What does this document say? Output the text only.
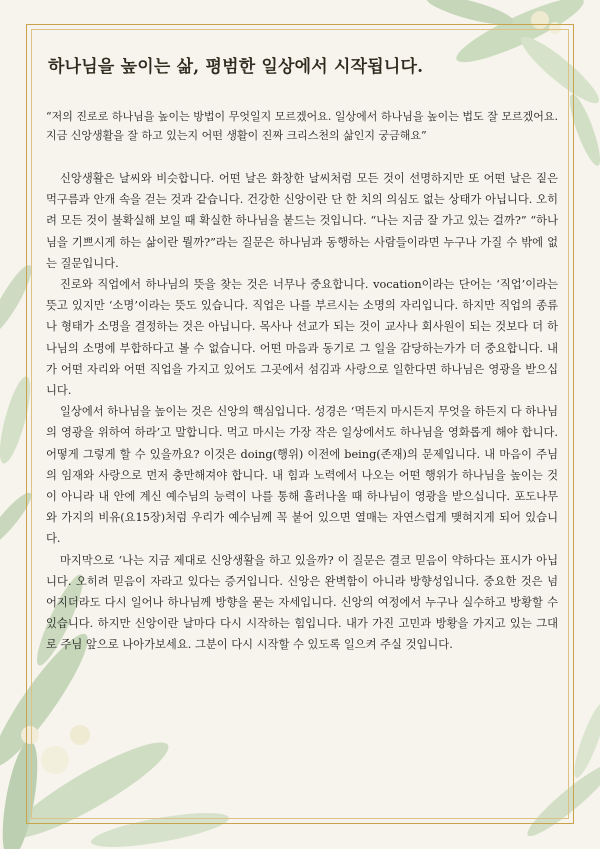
하나님을 높이는 삶, 평범한 일상에서 시작됩니다.

“저의 진로로 하나님을 높이는 방법이 무엇일지 모르겠어요. 일상에서 하나님을 높이는 법도 잘 모르겠어요. 지금 신앙생활을 잘 하고 있는지 어떤 생활이 진짜 크리스천의 삶인지 궁금해요”

신앙생활은 날씨와 비슷합니다. 어떤 날은 화창한 날씨처럼 모든 것이 선명하지만 또 어떤 날은 짙은 먹구름과 안개 속을 걷는 것과 같습니다. 건강한 신앙이란 단 한 치의 의심도 없는 상태가 아닙니다. 오히려 모든 것이 불확실해 보일 때 확실한 하나님을 붙드는 것입니다. “나는 지금 잘 가고 있는 걸까?” “하나님을 기쁘시게 하는 삶이란 뭘까?”라는 질문은 하나님과 동행하는 사람들이라면 누구나 가질 수 밖에 없는 질문입니다.

진로와 직업에서 하나님의 뜻을 찾는 것은 너무나 중요합니다. vocation이라는 단어는 ‘직업’이라는 뜻고 있지만 ‘소명’이라는 뜻도 있습니다. 직업은 나를 부르시는 소명의 자리입니다. 하지만 직업의 종류나 형태가 소명을 결정하는 것은 아닙니다. 목사나 선교가 되는 것이 교사나 회사원이 되는 것보다 더 하나님의 소명에 부합하다고 볼 수 없습니다. 어떤 마음과 동기로 그 일을 감당하는가가 더 중요합니다. 내가 어떤 자리와 어떤 직업을 가지고 있어도 그곳에서 섬김과 사랑으로 일한다면 하나님은 영광을 받으십니다.

일상에서 하나님을 높이는 것은 신앙의 핵심입니다. 성경은 ‘먹든지 마시든지 무엇을 하든지 다 하나님의 영광을 위하여 하라’고 말합니다. 먹고 마시는 가장 작은 일상에서도 하나님을 영화롭게 해야 합니다. 어떻게 그렇게 할 수 있을까요? 이것은 doing(행위) 이전에 being(존재)의 문제입니다. 내 마음이 주님의 임재와 사랑으로 먼저 충만해져야 합니다. 내 힘과 노력에서 나오는 어떤 행위가 하나님을 높이는 것이 아니라 내 안에 계신 예수님의 능력이 나를 통해 흘러나올 때 하나님이 영광을 받으십니다. 포도나무와 가지의 비유(요15장)처럼 우리가 예수님께 꼭 붙어 있으면 열매는 자연스럽게 맺혀지게 되어 있습니다.

마지막으로 ‘나는 지금 제대로 신앙생활을 하고 있을까? 이 질문은 결코 믿음이 약하다는 표시가 아닙니다. 오히려 믿음이 자라고 있다는 증거입니다. 신앙은 완벽함이 아니라 방향성입니다. 중요한 것은 넘어지더라도 다시 일어나 하나님께 방향을 묻는 자세입니다. 신앙의 여정에서 누구나 실수하고 방황할 수 있습니다. 하지만 신앙이란 날마다 다시 시작하는 힘입니다. 내가 가진 고민과 방황을 가지고 있는 그대로 주님 앞으로 나아가보세요. 그분이 다시 시작할 수 있도록 일으켜 주실 것입니다.
